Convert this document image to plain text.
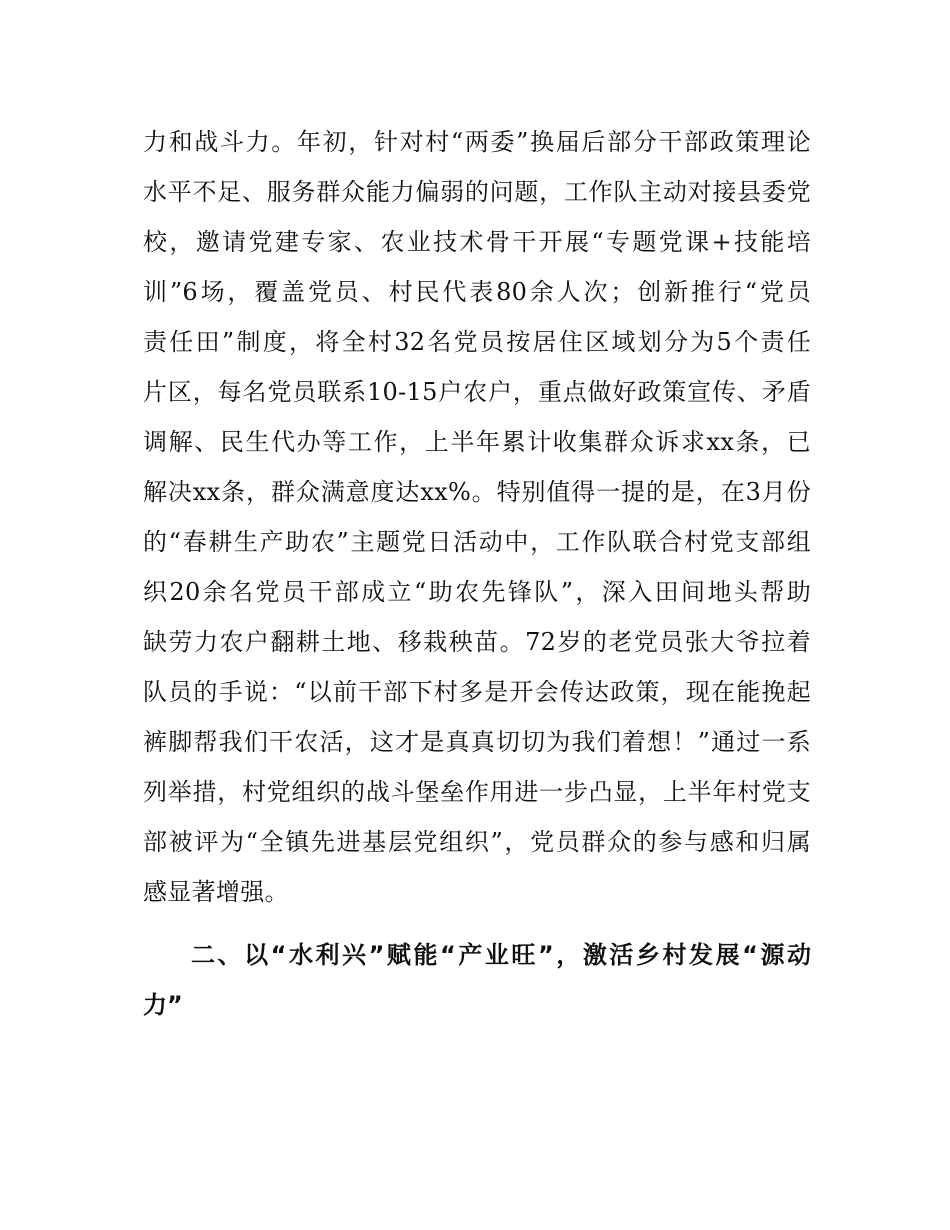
力和战斗力。年初，针对村“两委”换届后部分干部政策理论
水平不足、服务群众能力偏弱的问题，工作队主动对接县委党
校，邀请党建专家、农业技术骨干开展“专题党课+技能培
训”6场，覆盖党员、村民代表80余人次；创新推行“党员
责任田”制度，将全村32名党员按居住区域划分为5个责任
片区，每名党员联系10-15户农户，重点做好政策宣传、矛盾
调解、民生代办等工作，上半年累计收集群众诉求xx条，已
解决xx条，群众满意度达xx%。特别值得一提的是，在3月份
的“春耕生产助农”主题党日活动中，工作队联合村党支部组
织20余名党员干部成立“助农先锋队”，深入田间地头帮助
缺劳力农户翻耕土地、移栽秧苗。72岁的老党员张大爷拉着
队员的手说：“以前干部下村多是开会传达政策，现在能挽起
裤脚帮我们干农活，这才是真真切切为我们着想！”通过一系
列举措，村党组织的战斗堡垒作用进一步凸显，上半年村党支
部被评为“全镇先进基层党组织”，党员群众的参与感和归属
感显著增强。
二、以“水利兴”赋能“产业旺”，激活乡村发展“源动
力”
